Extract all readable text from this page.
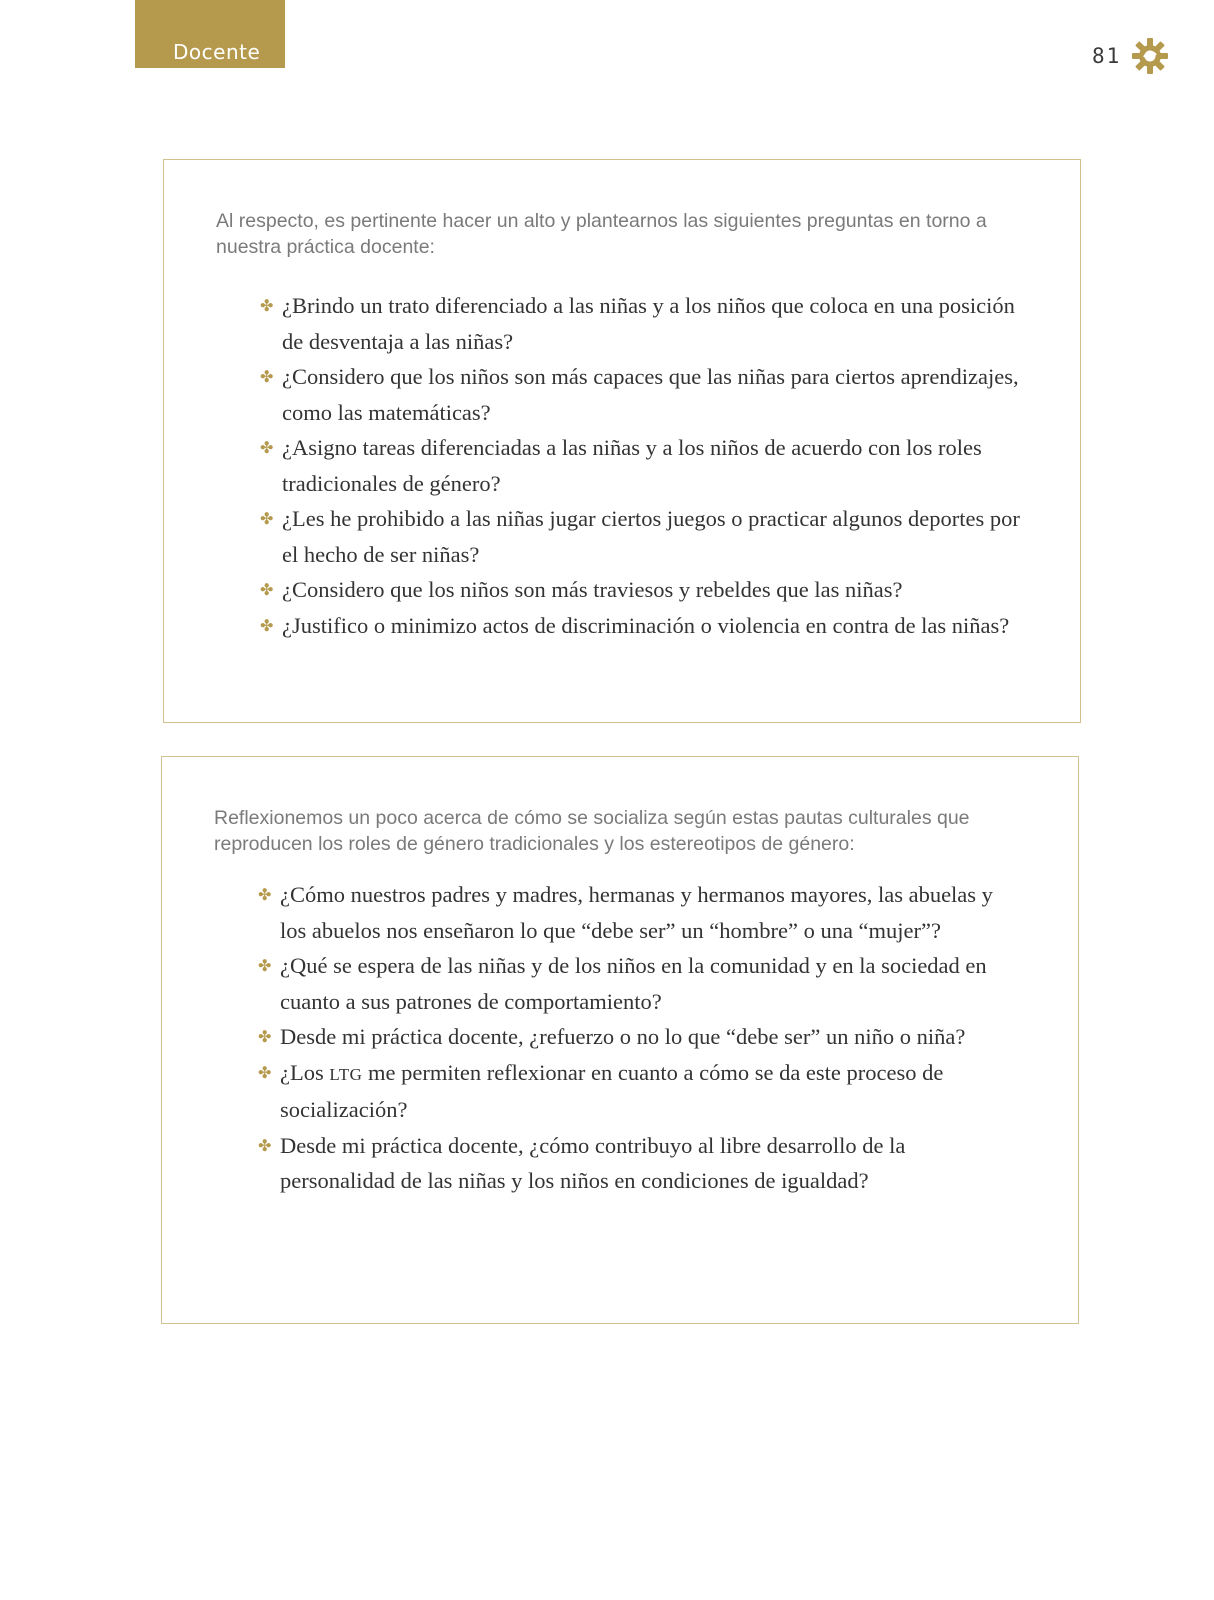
Docente	81

Al respecto, es pertinente hacer un alto y plantearnos las siguientes preguntas en torno a nuestra práctica docente:

✤ ¿Brindo un trato diferenciado a las niñas y a los niños que coloca en una posición de desventaja a las niñas?
✤ ¿Considero que los niños son más capaces que las niñas para ciertos aprendizajes, como las matemáticas?
✤ ¿Asigno tareas diferenciadas a las niñas y a los niños de acuerdo con los roles tradicionales de género?
✤ ¿Les he prohibido a las niñas jugar ciertos juegos o practicar algunos deportes por el hecho de ser niñas?
✤ ¿Considero que los niños son más traviesos y rebeldes que las niñas?
✤ ¿Justifico o minimizo actos de discriminación o violencia en contra de las niñas?

Reflexionemos un poco acerca de cómo se socializa según estas pautas culturales que reproducen los roles de género tradicionales y los estereotipos de género:

✤ ¿Cómo nuestros padres y madres, hermanas y hermanos mayores, las abuelas y los abuelos nos enseñaron lo que “debe ser” un “hombre” o una “mujer”?
✤ ¿Qué se espera de las niñas y de los niños en la comunidad y en la sociedad en cuanto a sus patrones de comportamiento?
✤ Desde mi práctica docente, ¿refuerzo o no lo que “debe ser” un niño o niña?
✤ ¿Los LTG me permiten reflexionar en cuanto a cómo se da este proceso de socialización?
✤ Desde mi práctica docente, ¿cómo contribuyo al libre desarrollo de la personalidad de las niñas y los niños en condiciones de igualdad?
